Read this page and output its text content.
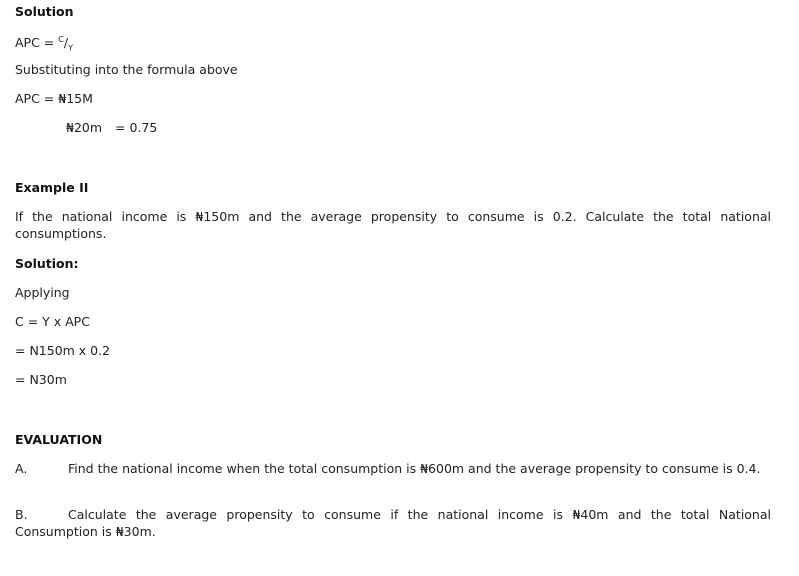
Solution
APC = $^C/_Y$
Substituting into the formula above
APC = ₦15M
₦20m = 0.75
Example II
If the national income is ₦150m and the average propensity to consume is 0.2. Calculate the total national consumptions.
Solution:
Applying
C = Y x APC
= N150m x 0.2
= N30m
EVALUATION
A.	Find the national income when the total consumption is ₦600m and the average propensity to consume is 0.4.
B.	Calculate the average propensity to consume if the national income is ₦40m and the total National Consumption is ₦30m.
